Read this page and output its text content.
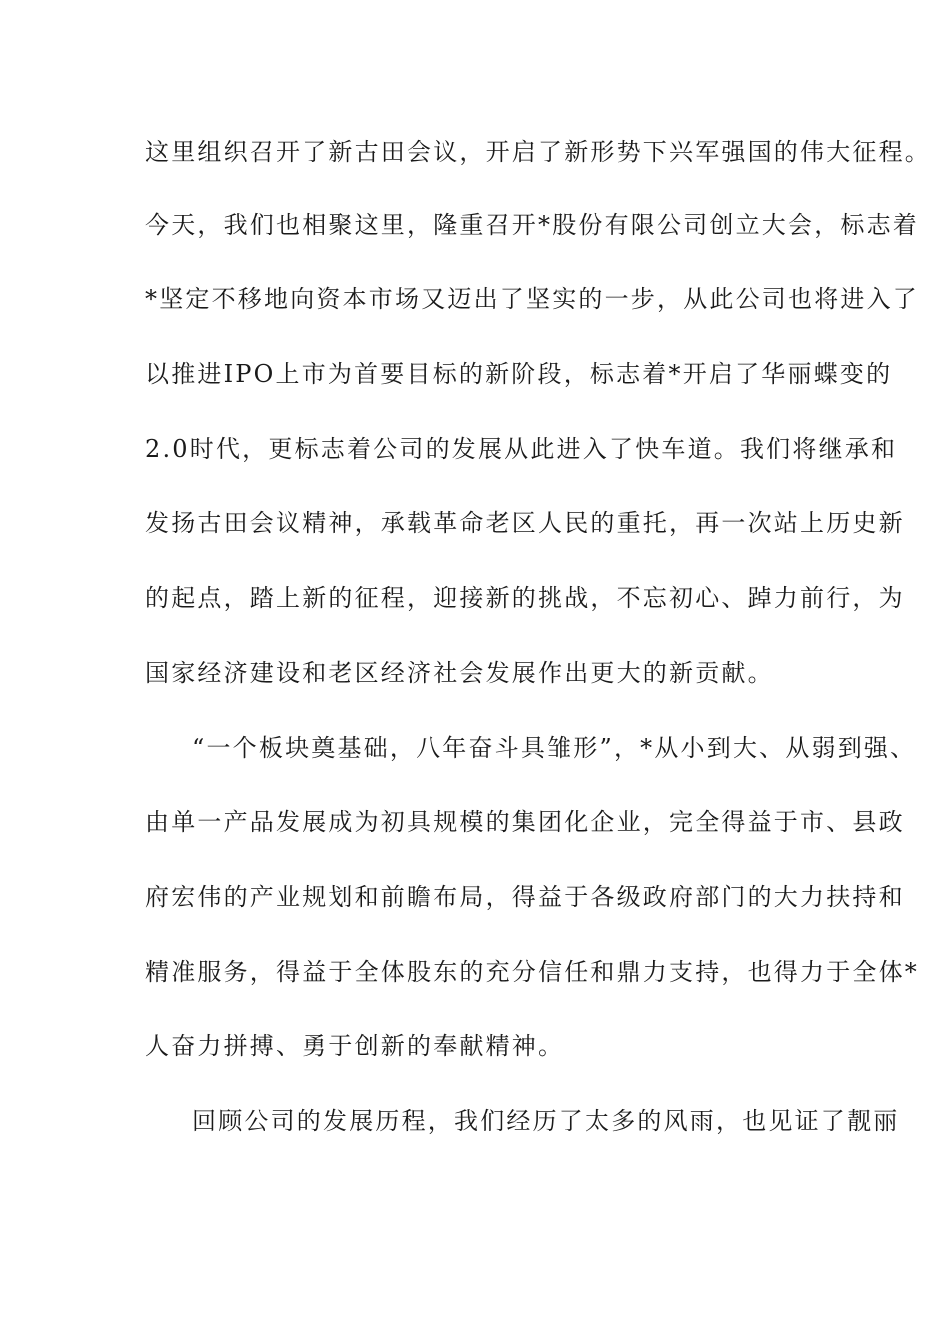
这里组织召开了新古田会议，开启了新形势下兴军强国的伟大征程。
今天，我们也相聚这里，隆重召开*股份有限公司创立大会，标志着
*坚定不移地向资本市场又迈出了坚实的一步，从此公司也将进入了
以推进IPO上市为首要目标的新阶段，标志着*开启了华丽蝶变的
2.0时代，更标志着公司的发展从此进入了快车道。我们将继承和
发扬古田会议精神，承载革命老区人民的重托，再一次站上历史新
的起点，踏上新的征程，迎接新的挑战，不忘初心、踔力前行，为
国家经济建设和老区经济社会发展作出更大的新贡献。
“一个板块奠基础，八年奋斗具雏形”，*从小到大、从弱到强、
由单一产品发展成为初具规模的集团化企业，完全得益于市、县政
府宏伟的产业规划和前瞻布局，得益于各级政府部门的大力扶持和
精准服务，得益于全体股东的充分信任和鼎力支持，也得力于全体*
人奋力拼搏、勇于创新的奉献精神。
回顾公司的发展历程，我们经历了太多的风雨，也见证了靓丽
